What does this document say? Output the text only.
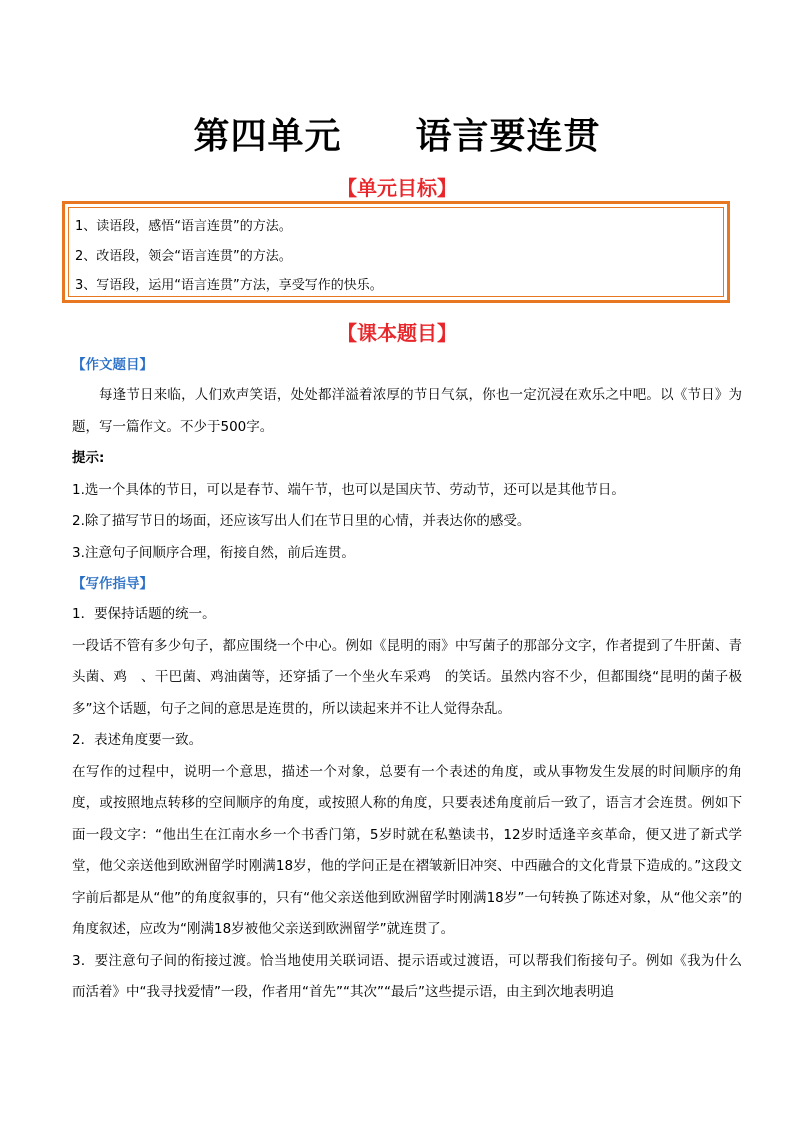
第四单元　　语言要连贯
【单元目标】
1、读语段，感悟“语言连贯”的方法。
2、改语段，领会“语言连贯”的方法。
3、写语段，运用“语言连贯”方法，享受写作的快乐。
【课本题目】
【作文题目】
每逢节日来临，人们欢声笑语，处处都洋溢着浓厚的节日气氛，你也一定沉浸在欢乐之中吧。以《节日》为题，写一篇作文。不少于500字。
提示:
1.选一个具体的节日，可以是春节、端午节，也可以是国庆节、劳动节，还可以是其他节日。
2.除了描写节日的场面，还应该写出人们在节日里的心情，并表达你的感受。
3.注意句子间顺序合理，衔接自然，前后连贯。
【写作指导】
1．要保持话题的统一。
一段话不管有多少句子，都应围绕一个中心。例如《昆明的雨》中写菌子的那部分文字，作者提到了牛肝菌、青头菌、鸡　、干巴菌、鸡油菌等，还穿插了一个坐火车采鸡　的笑话。虽然内容不少，但都围绕“昆明的菌子极多”这个话题，句子之间的意思是连贯的，所以读起来并不让人觉得杂乱。
2．表述角度要一致。
在写作的过程中，说明一个意思，描述一个对象，总要有一个表述的角度，或从事物发生发展的时间顺序的角度，或按照地点转移的空间顺序的角度，或按照人称的角度，只要表述角度前后一致了，语言才会连贯。例如下面一段文字：“他出生在江南水乡一个书香门第，5岁时就在私塾读书，12岁时适逢辛亥革命，便又进了新式学堂，他父亲送他到欧洲留学时刚满18岁，他的学问正是在褶皱新旧冲突、中西融合的文化背景下造成的。”这段文字前后都是从“他”的角度叙事的，只有“他父亲送他到欧洲留学时刚满18岁”一句转换了陈述对象，从“他父亲”的角度叙述，应改为“刚满18岁被他父亲送到欧洲留学”就连贯了。
3．要注意句子间的衔接过渡。恰当地使用关联词语、提示语或过渡语，可以帮我们衔接句子。例如《我为什么而活着》中“我寻找爱情”一段，作者用“首先”“其次”“最后”这些提示语，由主到次地表明追
